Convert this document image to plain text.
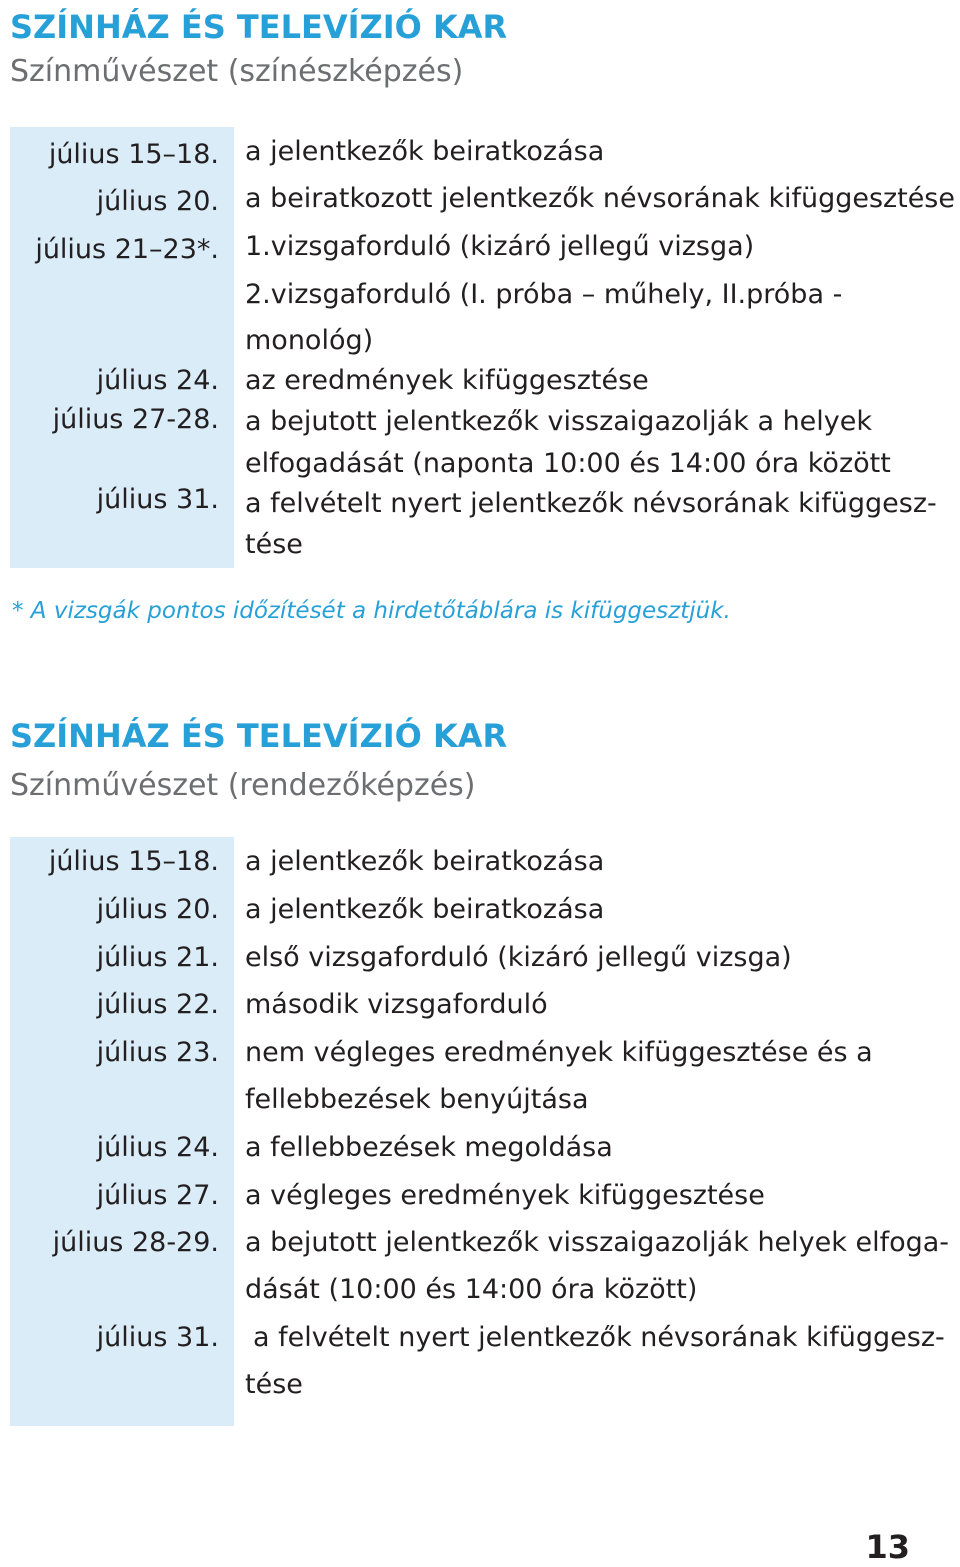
SZÍNHÁZ ÉS TELEVÍZIÓ KAR
Színművészet (színészképzés)
július 15–18.
július 20.
július 21–23*.
július 24.
július 27-28.
július 31.
a jelentkezők beiratkozása
a beiratkozott jelentkezők névsorának kifüggesztése
1.vizsgaforduló (kizáró jellegű vizsga)
2.vizsgaforduló (I. próba – műhely, II.próba -
monológ)
az eredmények kifüggesztése
a bejutott jelentkezők visszaigazolják a helyek
elfogadását (naponta 10:00 és 14:00 óra között
a felvételt nyert jelentkezők névsorának kifüggesz-
tése
* A vizsgák pontos időzítését a hirdetőtáblára is kifüggesztjük.
SZÍNHÁZ ÉS TELEVÍZIÓ KAR
Színművészet (rendezőképzés)
július 15–18.
július 20.
július 21.
július 22.
július 23.
július 24.
július 27.
július 28-29.
július 31.
a jelentkezők beiratkozása
a jelentkezők beiratkozása
első vizsgaforduló (kizáró jellegű vizsga)
második vizsgaforduló
nem végleges eredmények kifüggesztése és a
fellebbezések benyújtása
a fellebbezések megoldása
a végleges eredmények kifüggesztése
a bejutott jelentkezők visszaigazolják helyek elfoga-
dását (10:00 és 14:00 óra között)
a felvételt nyert jelentkezők névsorának kifüggesz-
tése
13
